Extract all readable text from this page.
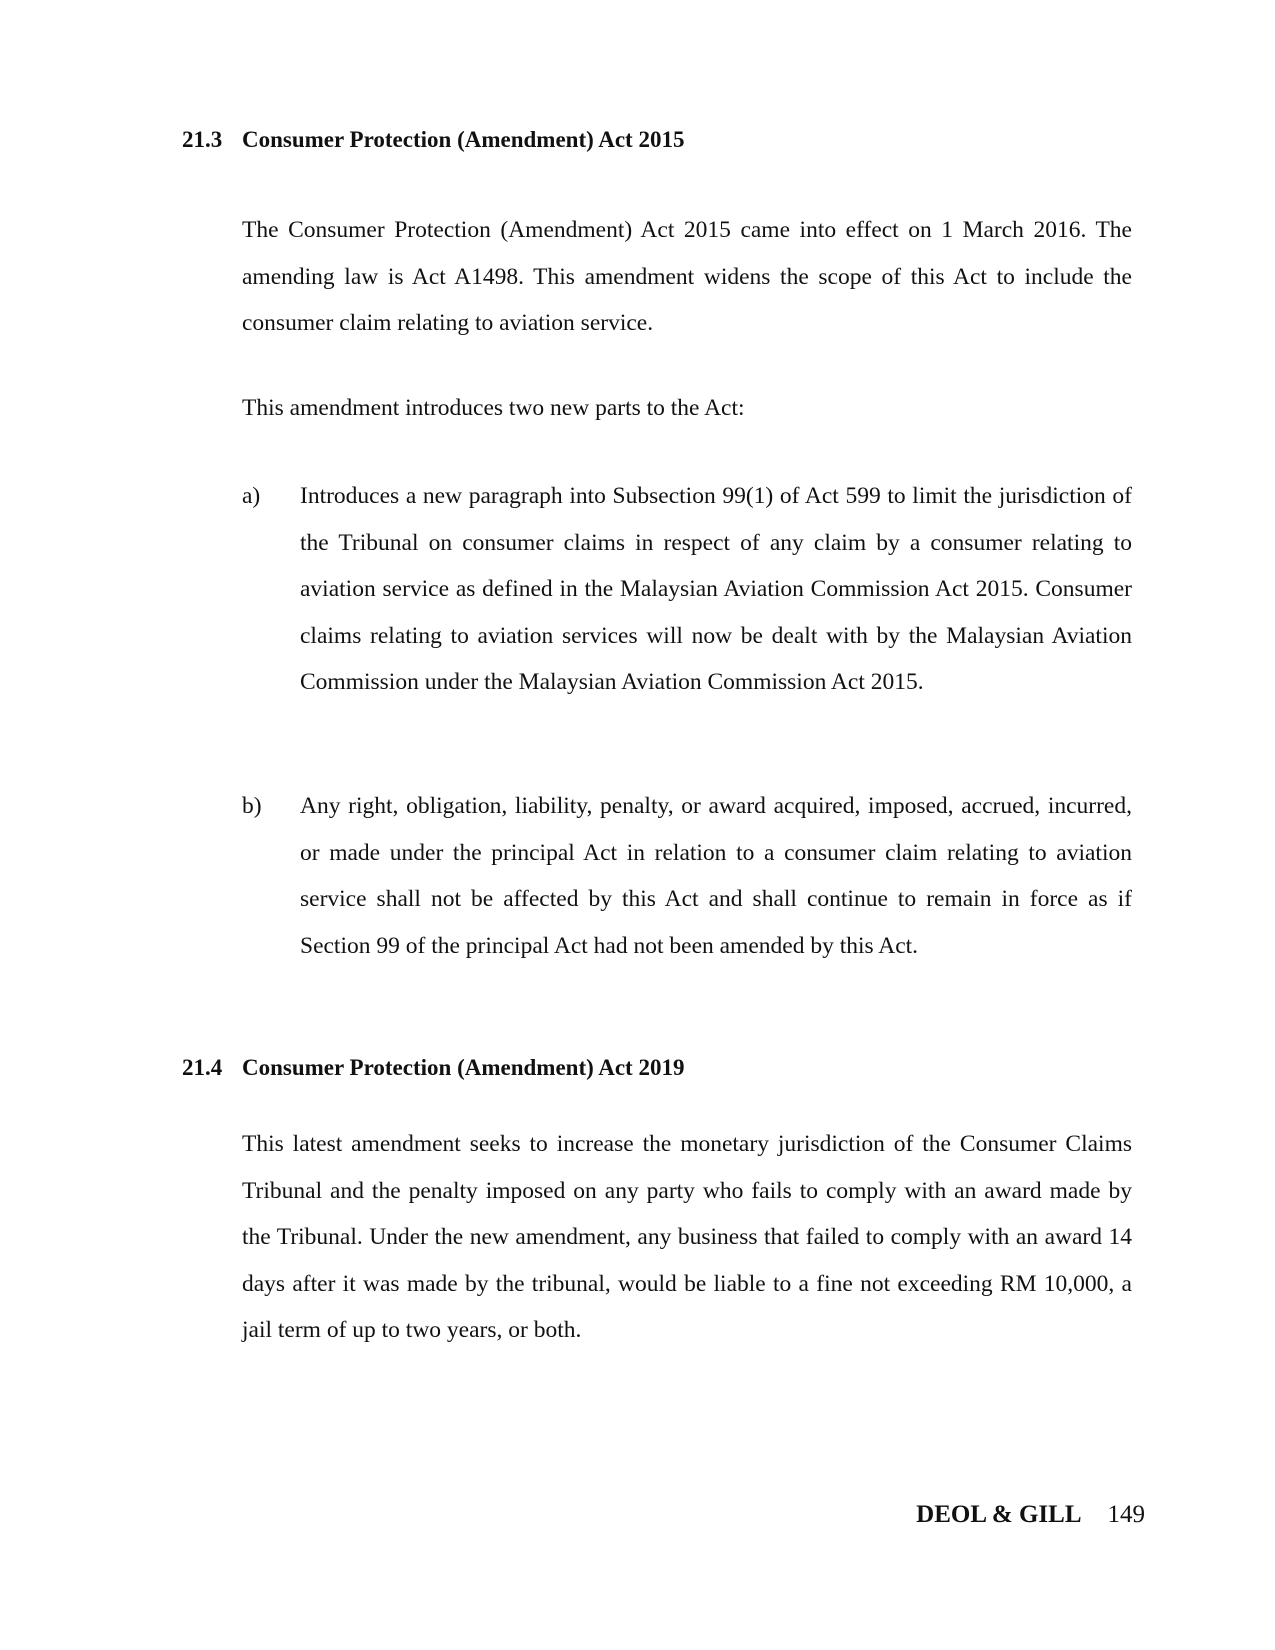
21.3 Consumer Protection (Amendment) Act 2015

The Consumer Protection (Amendment) Act 2015 came into effect on 1 March 2016. The amending law is Act A1498. This amendment widens the scope of this Act to include the consumer claim relating to aviation service.

This amendment introduces two new parts to the Act:

a) Introduces a new paragraph into Subsection 99(1) of Act 599 to limit the jurisdiction of the Tribunal on consumer claims in respect of any claim by a consumer relating to aviation service as defined in the Malaysian Aviation Commission Act 2015. Consumer claims relating to aviation services will now be dealt with by the Malaysian Aviation Commission under the Malaysian Aviation Commission Act 2015.

b) Any right, obligation, liability, penalty, or award acquired, imposed, accrued, incurred, or made under the principal Act in relation to a consumer claim relating to aviation service shall not be affected by this Act and shall continue to remain in force as if Section 99 of the principal Act had not been amended by this Act.

21.4 Consumer Protection (Amendment) Act 2019

This latest amendment seeks to increase the monetary jurisdiction of the Consumer Claims Tribunal and the penalty imposed on any party who fails to comply with an award made by the Tribunal. Under the new amendment, any business that failed to comply with an award 14 days after it was made by the tribunal, would be liable to a fine not exceeding RM 10,000, a jail term of up to two years, or both.

DEOL & GILL 149
